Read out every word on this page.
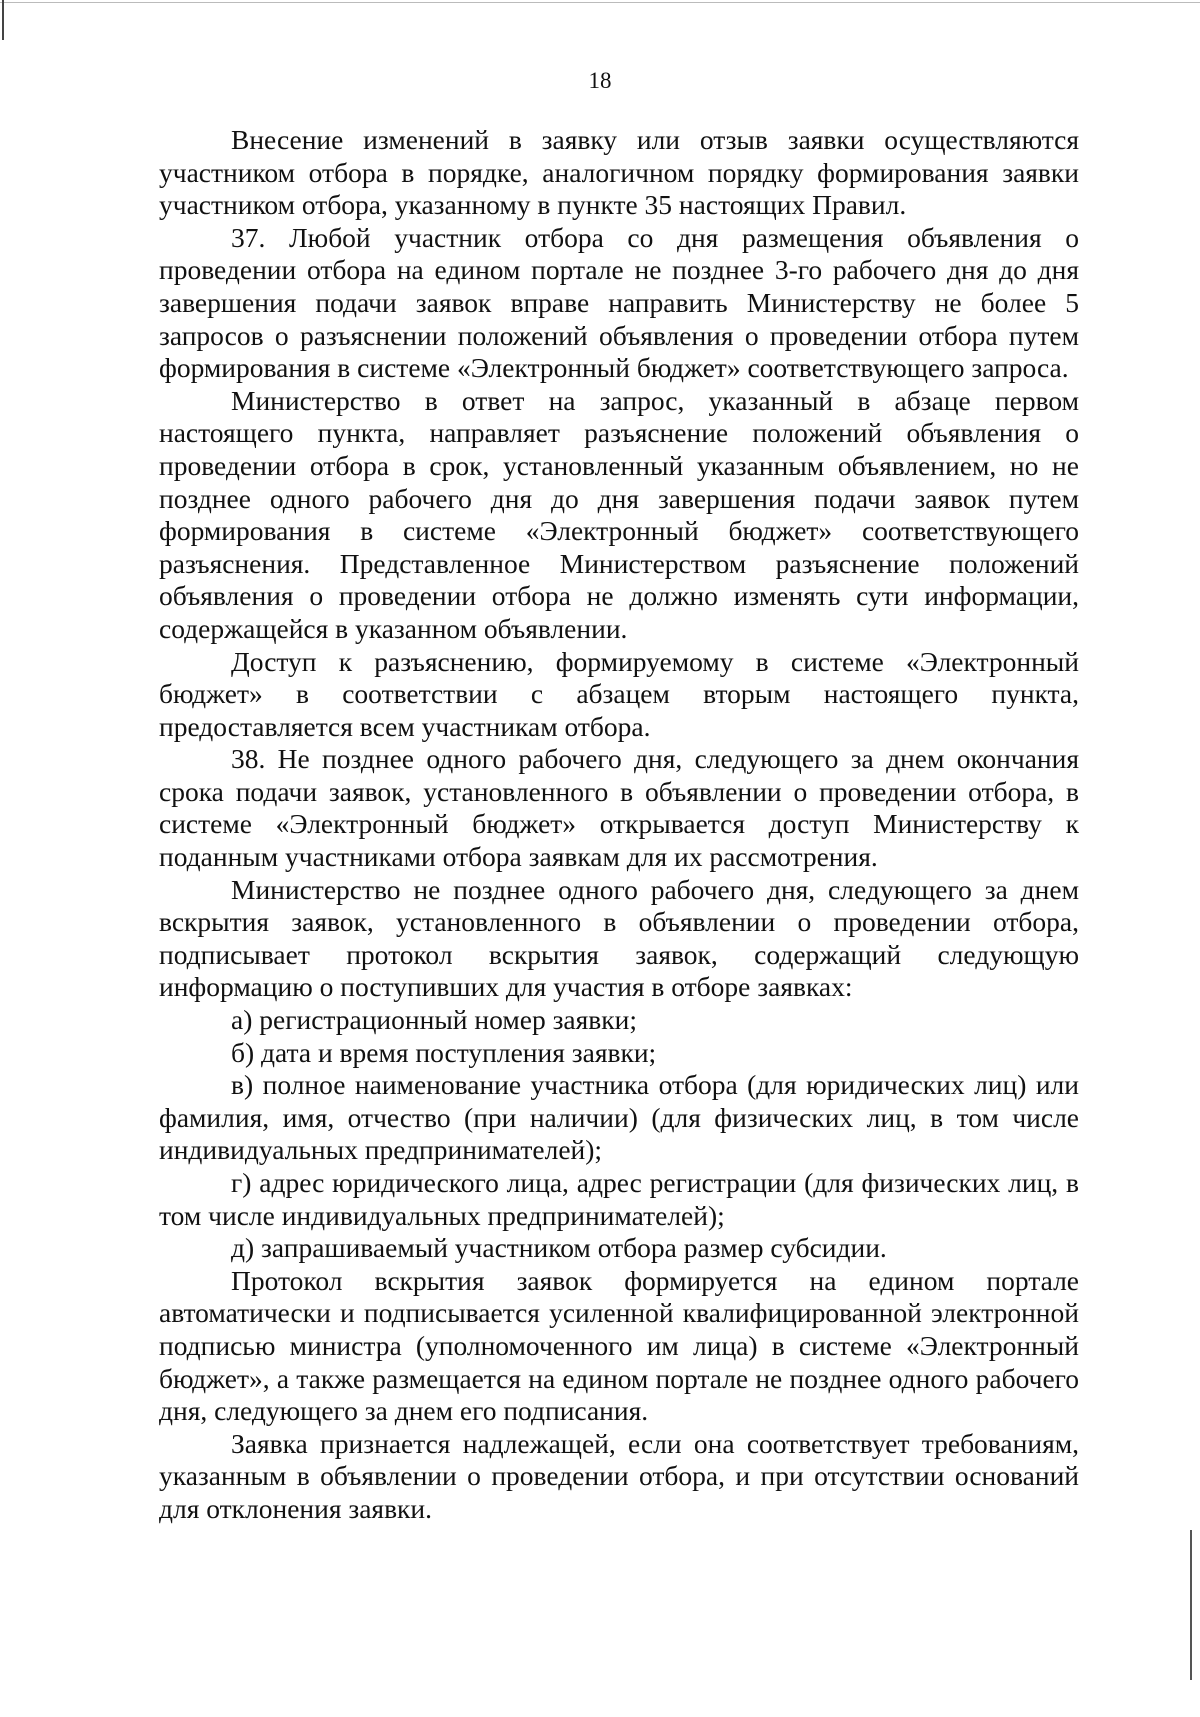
18

Внесение изменений в заявку или отзыв заявки осуществляются участником отбора в порядке, аналогичном порядку формирования заявки участником отбора, указанному в пункте 35 настоящих Правил.

37. Любой участник отбора со дня размещения объявления о проведении отбора на едином портале не позднее 3-го рабочего дня до дня завершения подачи заявок вправе направить Министерству не более 5 запросов о разъяснении положений объявления о проведении отбора путем формирования в системе «Электронный бюджет» соответствующего запроса.

Министерство в ответ на запрос, указанный в абзаце первом настоящего пункта, направляет разъяснение положений объявления о проведении отбора в срок, установленный указанным объявлением, но не позднее одного рабочего дня до дня завершения подачи заявок путем формирования в системе «Электронный бюджет» соответствующего разъяснения. Представленное Министерством разъяснение положений объявления о проведении отбора не должно изменять сути информации, содержащейся в указанном объявлении.

Доступ к разъяснению, формируемому в системе «Электронный бюджет» в соответствии с абзацем вторым настоящего пункта, предоставляется всем участникам отбора.

38. Не позднее одного рабочего дня, следующего за днем окончания срока подачи заявок, установленного в объявлении о проведении отбора, в системе «Электронный бюджет» открывается доступ Министерству к поданным участниками отбора заявкам для их рассмотрения.

Министерство не позднее одного рабочего дня, следующего за днем вскрытия заявок, установленного в объявлении о проведении отбора, подписывает протокол вскрытия заявок, содержащий следующую информацию о поступивших для участия в отборе заявках:

а) регистрационный номер заявки;

б) дата и время поступления заявки;

в) полное наименование участника отбора (для юридических лиц) или фамилия, имя, отчество (при наличии) (для физических лиц, в том числе индивидуальных предпринимателей);

г) адрес юридического лица, адрес регистрации (для физических лиц, в том числе индивидуальных предпринимателей);

д) запрашиваемый участником отбора размер субсидии.

Протокол вскрытия заявок формируется на едином портале автоматически и подписывается усиленной квалифицированной электронной подписью министра (уполномоченного им лица) в системе «Электронный бюджет», а также размещается на едином портале не позднее одного рабочего дня, следующего за днем его подписания.

Заявка признается надлежащей, если она соответствует требованиям, указанным в объявлении о проведении отбора, и при отсутствии оснований для отклонения заявки.
